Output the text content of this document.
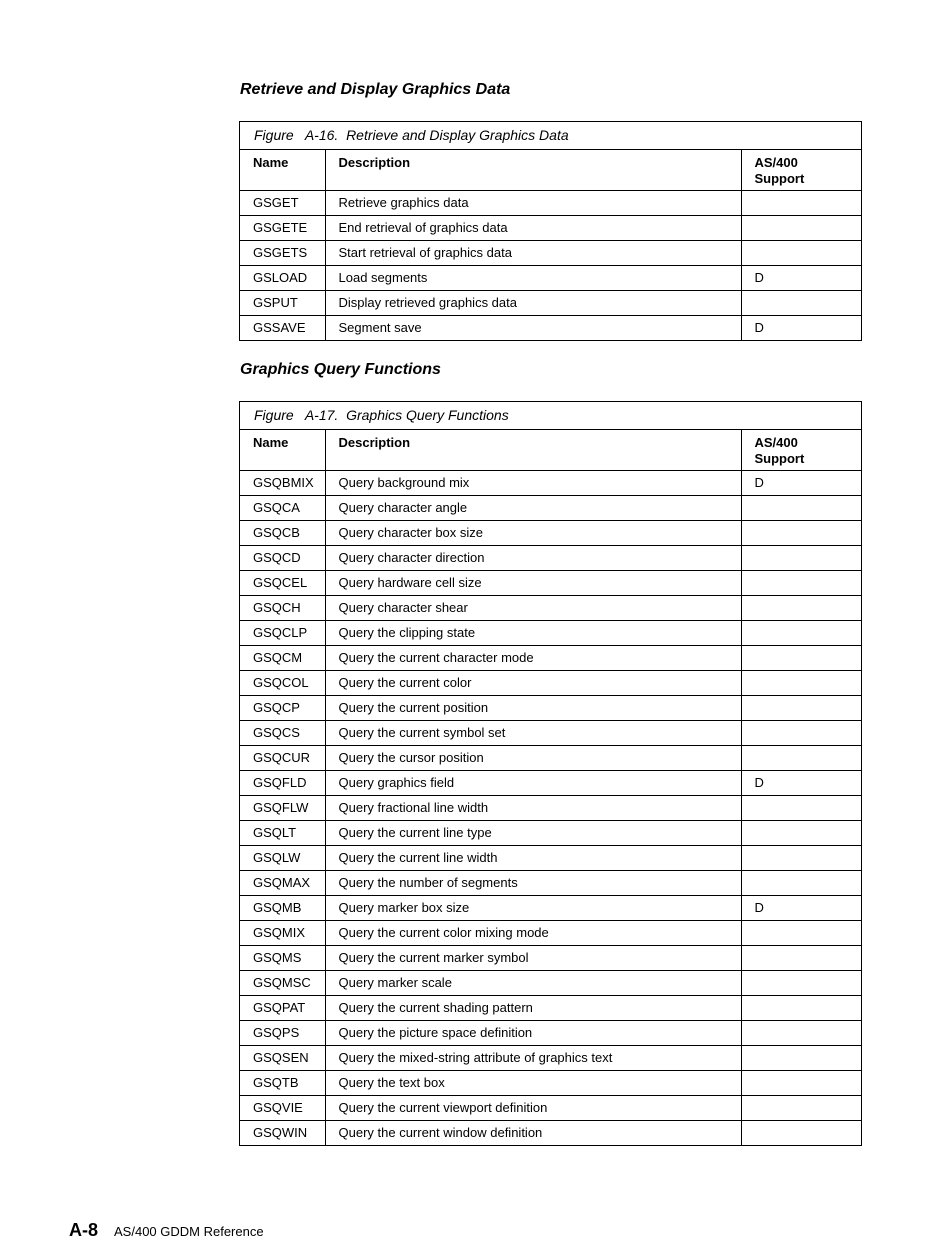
Retrieve and Display Graphics Data
Figure   A-16.  Retrieve and Display Graphics Data
Name	Description	AS/400
Support
GSGET	Retrieve graphics data	
GSGETE	End retrieval of graphics data	
GSGETS	Start retrieval of graphics data	
GSLOAD	Load segments	D
GSPUT	Display retrieved graphics data	
GSSAVE	Segment save	D
Graphics Query Functions
Figure   A-17.  Graphics Query Functions
Name	Description	AS/400
Support
GSQBMIX	Query background mix	D
GSQCA	Query character angle	
GSQCB	Query character box size	
GSQCD	Query character direction	
GSQCEL	Query hardware cell size	
GSQCH	Query character shear	
GSQCLP	Query the clipping state	
GSQCM	Query the current character mode	
GSQCOL	Query the current color	
GSQCP	Query the current position	
GSQCS	Query the current symbol set	
GSQCUR	Query the cursor position	
GSQFLD	Query graphics field	D
GSQFLW	Query fractional line width	
GSQLT	Query the current line type	
GSQLW	Query the current line width	
GSQMAX	Query the number of segments	
GSQMB	Query marker box size	D
GSQMIX	Query the current color mixing mode	
GSQMS	Query the current marker symbol	
GSQMSC	Query marker scale	
GSQPAT	Query the current shading pattern	
GSQPS	Query the picture space definition	
GSQSEN	Query the mixed-string attribute of graphics text	
GSQTB	Query the text box	
GSQVIE	Query the current viewport definition	
GSQWIN	Query the current window definition	
A-8 AS/400 GDDM Reference
